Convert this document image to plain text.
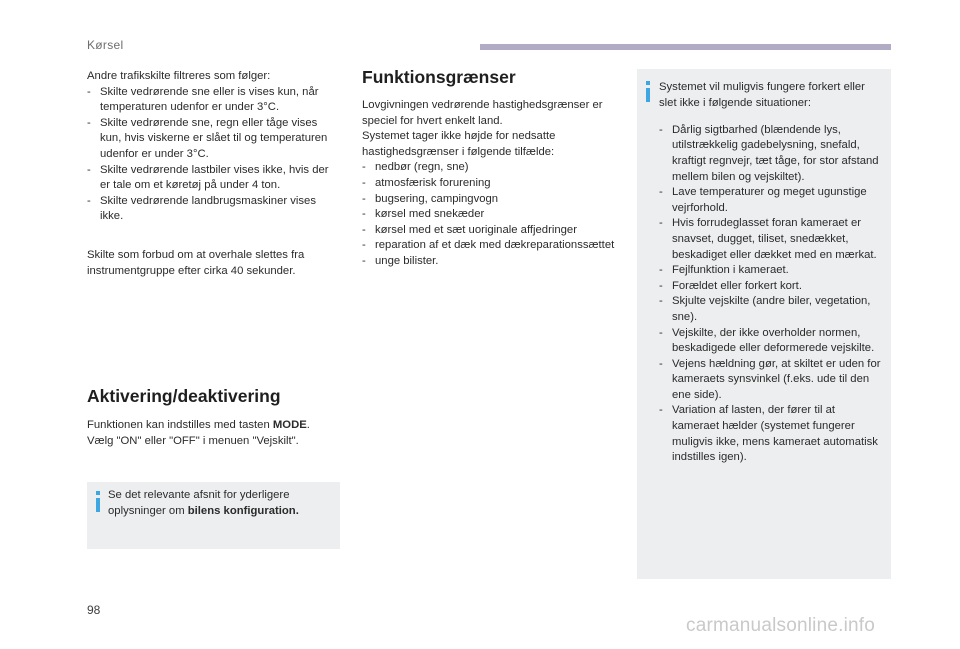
Kørsel

Andre trafikskilte filtreres som følger:

- Skilte vedrørende sne eller is vises kun, når temperaturen udenfor er under 3°C.
- Skilte vedrørende sne, regn eller tåge vises kun, hvis viskerne er slået til og temperaturen udenfor er under 3°C.
- Skilte vedrørende lastbiler vises ikke, hvis der er tale om et køretøj på under 4 ton.
- Skilte vedrørende landbrugsmaskiner vises ikke.

Skilte som forbud om at overhale slettes fra instrumentgruppe efter cirka 40 sekunder.

Aktivering/deaktivering

Funktionen kan indstilles med tasten MODE.

Vælg "ON" eller "OFF" i menuen "Vejskilt".

Se det relevante afsnit for yderligere oplysninger om bilens konfiguration.

Funktionsgrænser

Lovgivningen vedrørende hastighedsgrænser er speciel for hvert enkelt land.

Systemet tager ikke højde for nedsatte hastighedsgrænser i følgende tilfælde:

- nedbør (regn, sne)
- atmosfærisk forurening
- bugsering, campingvogn
- kørsel med snekæder
- kørsel med et sæt uoriginale affjedringer
- reparation af et dæk med dækreparationssættet
- unge bilister.

Systemet vil muligvis fungere forkert eller slet ikke i følgende situationer:

- Dårlig sigtbarhed (blændende lys, utilstrækkelig gadebelysning, snefald, kraftigt regnvejr, tæt tåge, for stor afstand mellem bilen og vejskiltet).
- Lave temperaturer og meget ugunstige vejrforhold.
- Hvis forrudeglasset foran kameraet er snavset, dugget, tiliset, snedækket, beskadiget eller dækket med en mærkat.
- Fejlfunktion i kameraet.
- Forældet eller forkert kort.
- Skjulte vejskilte (andre biler, vegetation, sne).
- Vejskilte, der ikke overholder normen, beskadigede eller deformerede vejskilte.
- Vejens hældning gør, at skiltet er uden for kameraets synsvinkel (f.eks. ude til den ene side).
- Variation af lasten, der fører til at kameraet hælder (systemet fungerer muligvis ikke, mens kameraet automatisk indstilles igen).
98
carmanualsonline.info
